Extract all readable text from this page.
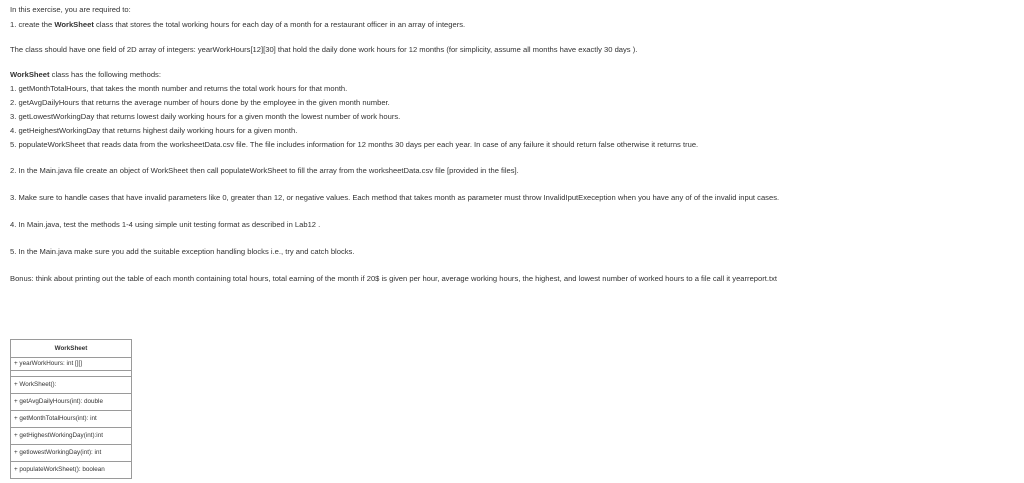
In this exercise, you are required to:

1. create the WorkSheet class that stores the total working hours for each day of a month for a restaurant officer in an array of integers.

The class should have one field of 2D array of integers: yearWorkHours[12][30] that hold the daily done work hours for 12 months (for simplicity, assume all months have exactly 30 days ).

WorkSheet class has the following methods:

1. getMonthTotalHours, that takes the month number and returns the total work hours for that month.

2. getAvgDailyHours that returns the average number of hours done by the employee in the given month number.

3. getLowestWorkingDay that returns lowest daily working hours for a given month the lowest number of work hours.

4. getHeighestWorkingDay that returns highest daily working hours for a given month.

5. populateWorkSheet that reads data from the worksheetData.csv file. The file includes information for 12 months 30 days per each year. In case of any failure it should return false otherwise it returns true.

2. In the Main.java file create an object of WorkSheet then call populateWorkSheet to fill the array from the worksheetData.csv file [provided in the files].

3. Make sure to handle cases that have invalid parameters like 0, greater than 12, or negative values. Each method that takes month as parameter must throw InvalidIputExeception when you have any of of the invalid input cases.

4. In Main.java, test the methods 1-4 using simple unit testing format as described in Lab12 .

5. In the Main.java make sure you add the suitable exception handling blocks i.e., try and catch blocks.

Bonus: think about printing out the table of each month containing total hours, total earning of the month if 20$ is given per hour, average working hours, the highest, and lowest number of worked hours to a file call it yearreport.txt

WorkSheet
+ yearWorkHours: int [][]
+ WorkSheet():
+ getAvgDailyHours(int): double
+ getMonthTotalHours(int): int
+ getHighestWorkingDay(int):int
+ getlowestWorkingDay(int): int
+ populateWorkSheet(): boolean
